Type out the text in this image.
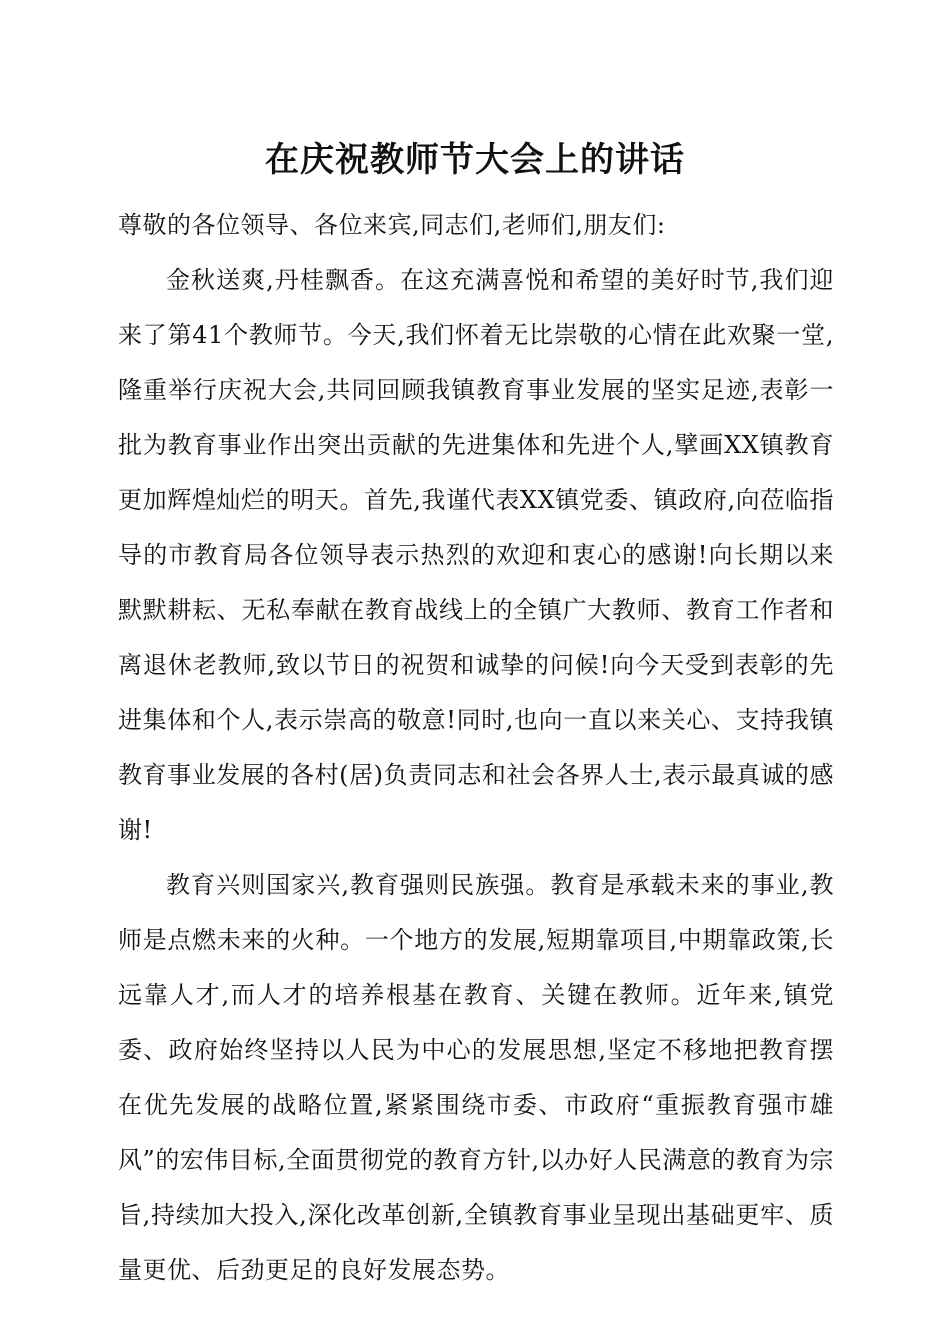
在庆祝教师节大会上的讲话

尊敬的各位领导、各位来宾,同志们,老师们,朋友们:

金秋送爽,丹桂飘香。在这充满喜悦和希望的美好时节,我们迎来了第41个教师节。今天,我们怀着无比崇敬的心情在此欢聚一堂,隆重举行庆祝大会,共同回顾我镇教育事业发展的坚实足迹,表彰一批为教育事业作出突出贡献的先进集体和先进个人,擘画XX镇教育更加辉煌灿烂的明天。首先,我谨代表XX镇党委、镇政府,向莅临指导的市教育局各位领导表示热烈的欢迎和衷心的感谢!向长期以来默默耕耘、无私奉献在教育战线上的全镇广大教师、教育工作者和离退休老教师,致以节日的祝贺和诚挚的问候!向今天受到表彰的先进集体和个人,表示崇高的敬意!同时,也向一直以来关心、支持我镇教育事业发展的各村(居)负责同志和社会各界人士,表示最真诚的感谢!

教育兴则国家兴,教育强则民族强。教育是承载未来的事业,教师是点燃未来的火种。一个地方的发展,短期靠项目,中期靠政策,长远靠人才,而人才的培养根基在教育、关键在教师。近年来,镇党委、政府始终坚持以人民为中心的发展思想,坚定不移地把教育摆在优先发展的战略位置,紧紧围绕市委、市政府“重振教育强市雄风”的宏伟目标,全面贯彻党的教育方针,以办好人民满意的教育为宗旨,持续加大投入,深化改革创新,全镇教育事业呈现出基础更牢、质量更优、后劲更足的良好发展态势。
